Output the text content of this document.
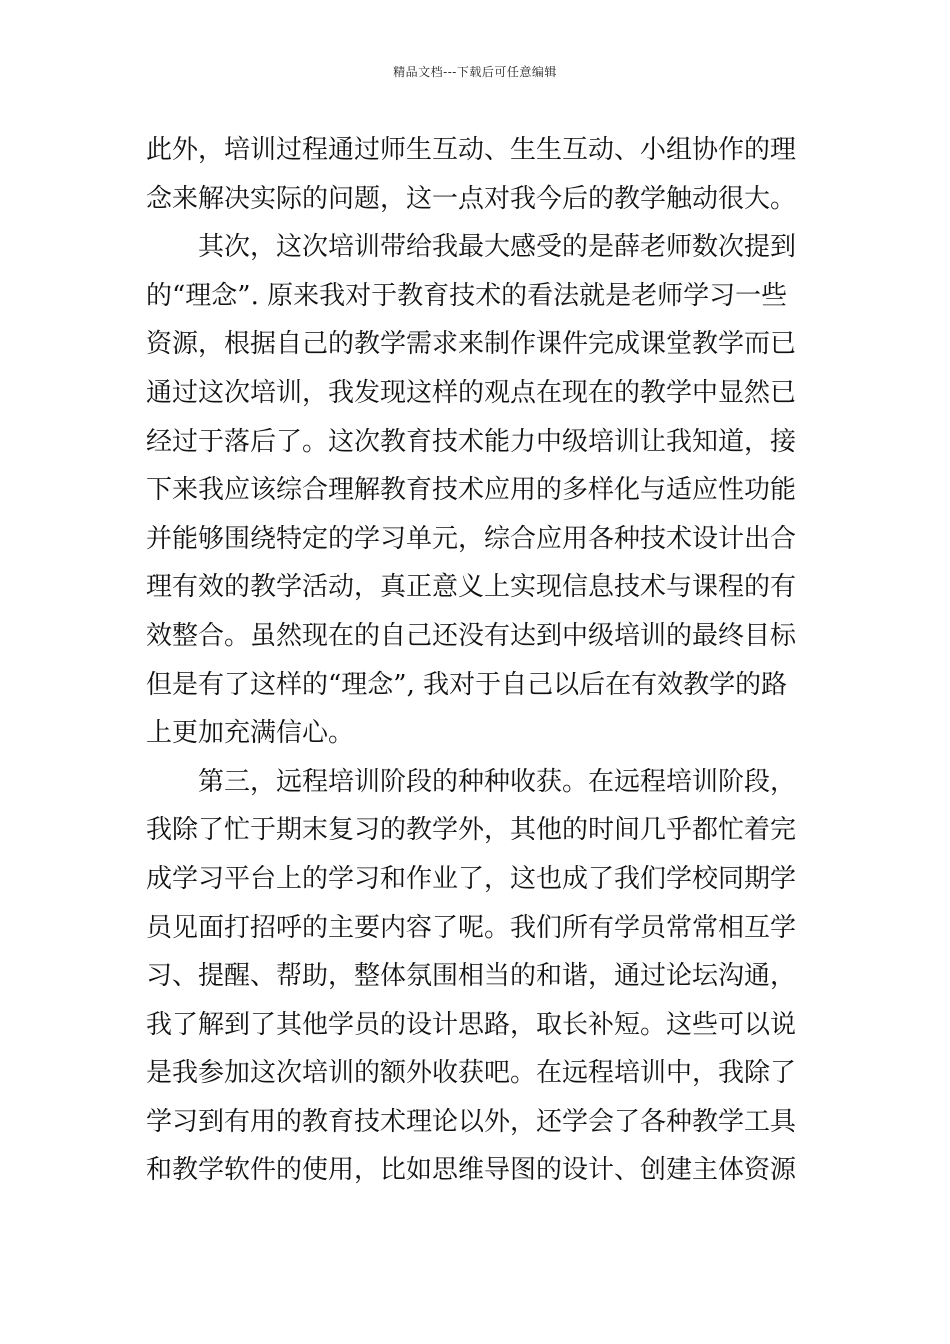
精品文档---下载后可任意编辑
此外，培训过程通过师生互动、生生互动、小组协作的理
念来解决实际的问题，这一点对我今后的教学触动很大。
　　其次，这次培训带给我最大感受的是薛老师数次提到
的“理念”. 原来我对于教育技术的看法就是老师学习一些
资源，根据自己的教学需求来制作课件完成课堂教学而已
通过这次培训，我发现这样的观点在现在的教学中显然已
经过于落后了。这次教育技术能力中级培训让我知道，接
下来我应该综合理解教育技术应用的多样化与适应性功能
并能够围绕特定的学习单元，综合应用各种技术设计出合
理有效的教学活动，真正意义上实现信息技术与课程的有
效整合。虽然现在的自己还没有达到中级培训的最终目标
但是有了这样的“理念”, 我对于自己以后在有效教学的路
上更加充满信心。
　　第三，远程培训阶段的种种收获。在远程培训阶段，
我除了忙于期末复习的教学外，其他的时间几乎都忙着完
成学习平台上的学习和作业了，这也成了我们学校同期学
员见面打招呼的主要内容了呢。我们所有学员常常相互学
习、提醒、帮助，整体氛围相当的和谐，通过论坛沟通，
我了解到了其他学员的设计思路，取长补短。这些可以说
是我参加这次培训的额外收获吧。在远程培训中，我除了
学习到有用的教育技术理论以外，还学会了各种教学工具
和教学软件的使用，比如思维导图的设计、创建主体资源
